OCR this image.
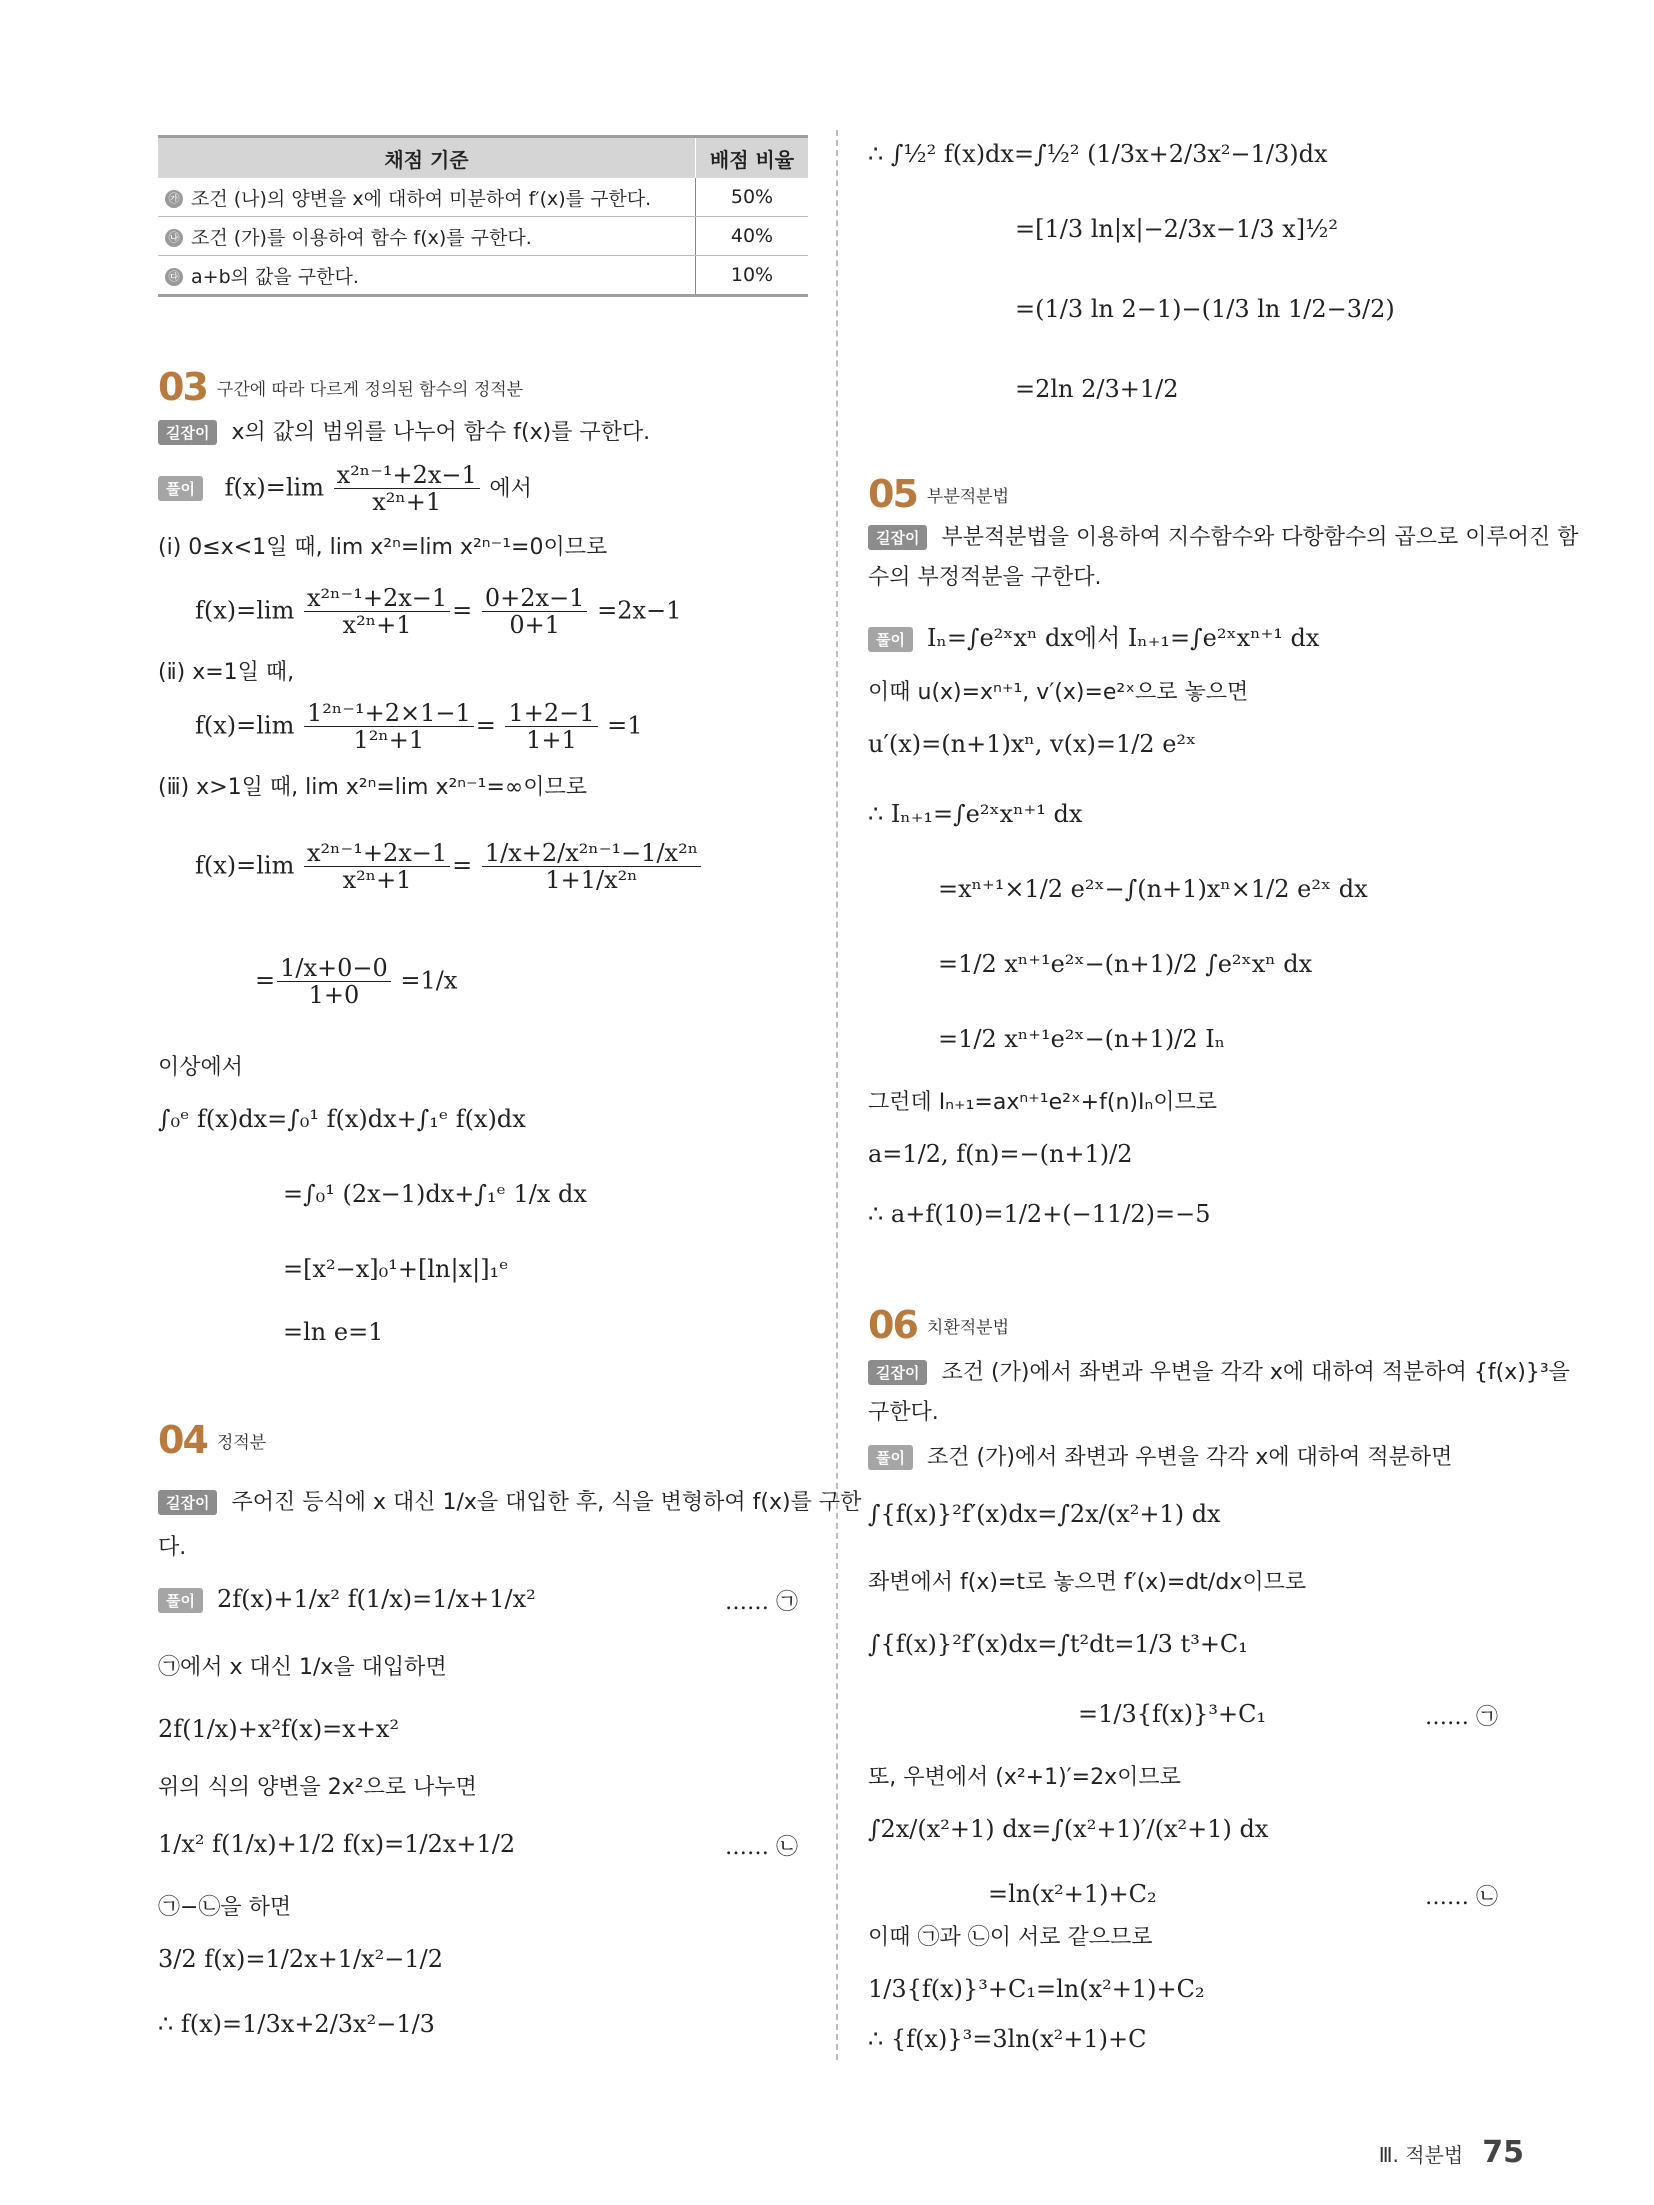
채점 기준	배점 비율
㉮ 조건 (나)의 양변을 x에 대하여 미분하여 f′(x)를 구한다.	50%
㉯ 조건 (가)를 이용하여 함수 f(x)를 구한다.	40%
㉰ a+b의 값을 구한다.	10%
03 구간에 따라 다르게 정의된 함수의 정적분
길잡이 x의 값의 범위를 나누어 함수 f(x)를 구한다.
풀이 $f(x)=\lim \frac{\text{x²ⁿ⁻¹+2x−1}}{\text{x²ⁿ+1}}$ 에서
(ⅰ) 0≤x<1일 때, lim x²ⁿ=lim x²ⁿ⁻¹=0이므로
$f(x)=\lim \frac{\text{x²ⁿ⁻¹+2x−1}}{\text{x²ⁿ+1}} = \frac{0+2x-1}{0+1} =2x-1$
(ⅱ) x=1일 때,
$f(x)=\lim \frac{\text{1²ⁿ⁻¹+2×1−1}}{\text{1²ⁿ+1}} = \frac{1+2-1}{1+1} =1$
(ⅲ) x>1일 때, lim x²ⁿ=lim x²ⁿ⁻¹=∞이므로
$f(x)=\lim \frac{\text{x²ⁿ⁻¹+2x−1}}{\text{x²ⁿ+1}} = \frac{\text{1/x+2/x²ⁿ⁻¹−1/x²ⁿ}}{\text{1+1/x²ⁿ}}$
= $\frac{1/x+0-0}{1+0} =1/x$
이상에서
∫₀ᵉ f(x)dx=∫₀¹ f(x)dx+∫₁ᵉ f(x)dx
=∫₀¹ (2x−1)dx+∫₁ᵉ 1/x dx
=[x²−x]₀¹+[ln|x|]₁ᵉ
=ln e=1
04 정적분
길잡이 주어진 등식에 x 대신 1/x을 대입한 후, 식을 변형하여 f(x)를 구한
다.
풀이 2f(x)+1/x² f(1/x)=1/x+1/x²	…… ㉠
㉠에서 x 대신 1/x을 대입하면
2f(1/x)+x²f(x)=x+x²
위의 식의 양변을 2x²으로 나누면
1/x² f(1/x)+1/2 f(x)=1/2x+1/2	…… ㉡
㉠−㉡을 하면
3/2 f(x)=1/2x+1/x²−1/2
∴ f(x)=1/3x+2/3x²−1/3
∴ ∫½² f(x)dx=∫½² (1/3x+2/3x²−1/3)dx
=[1/3 ln|x|−2/3x−1/3 x]½²
=(1/3 ln 2−1)−(1/3 ln 1/2−3/2)
=2ln 2/3+1/2
05 부분적분법
길잡이 부분적분법을 이용하여 지수함수와 다항함수의 곱으로 이루어진 함
수의 부정적분을 구한다.
풀이 Iₙ=∫e²ˣxⁿ dx에서 Iₙ₊₁=∫e²ˣxⁿ⁺¹ dx
이때 u(x)=xⁿ⁺¹, v′(x)=e²ˣ으로 놓으면
u′(x)=(n+1)xⁿ, v(x)=1/2 e²ˣ
∴ Iₙ₊₁=∫e²ˣxⁿ⁺¹ dx
=xⁿ⁺¹×1/2 e²ˣ−∫(n+1)xⁿ×1/2 e²ˣ dx
=1/2 xⁿ⁺¹e²ˣ−(n+1)/2 ∫e²ˣxⁿ dx
=1/2 xⁿ⁺¹e²ˣ−(n+1)/2 Iₙ
그런데 Iₙ₊₁=axⁿ⁺¹e²ˣ+f(n)Iₙ이므로
a=1/2, f(n)=−(n+1)/2
∴ a+f(10)=1/2+(−11/2)=−5
06 치환적분법
길잡이 조건 (가)에서 좌변과 우변을 각각 x에 대하여 적분하여 {f(x)}³을
구한다.
풀이 조건 (가)에서 좌변과 우변을 각각 x에 대하여 적분하면
∫{f(x)}²f′(x)dx=∫2x/(x²+1) dx
좌변에서 f(x)=t로 놓으면 f′(x)=dt/dx이므로
∫{f(x)}²f′(x)dx=∫t²dt=1/3 t³+C₁
=1/3{f(x)}³+C₁	…… ㉠
또, 우변에서 (x²+1)′=2x이므로
∫2x/(x²+1) dx=∫(x²+1)′/(x²+1) dx
=ln(x²+1)+C₂	…… ㉡
이때 ㉠과 ㉡이 서로 같으므로
1/3{f(x)}³+C₁=ln(x²+1)+C₂
∴ {f(x)}³=3ln(x²+1)+C
Ⅲ. 적분법 75
